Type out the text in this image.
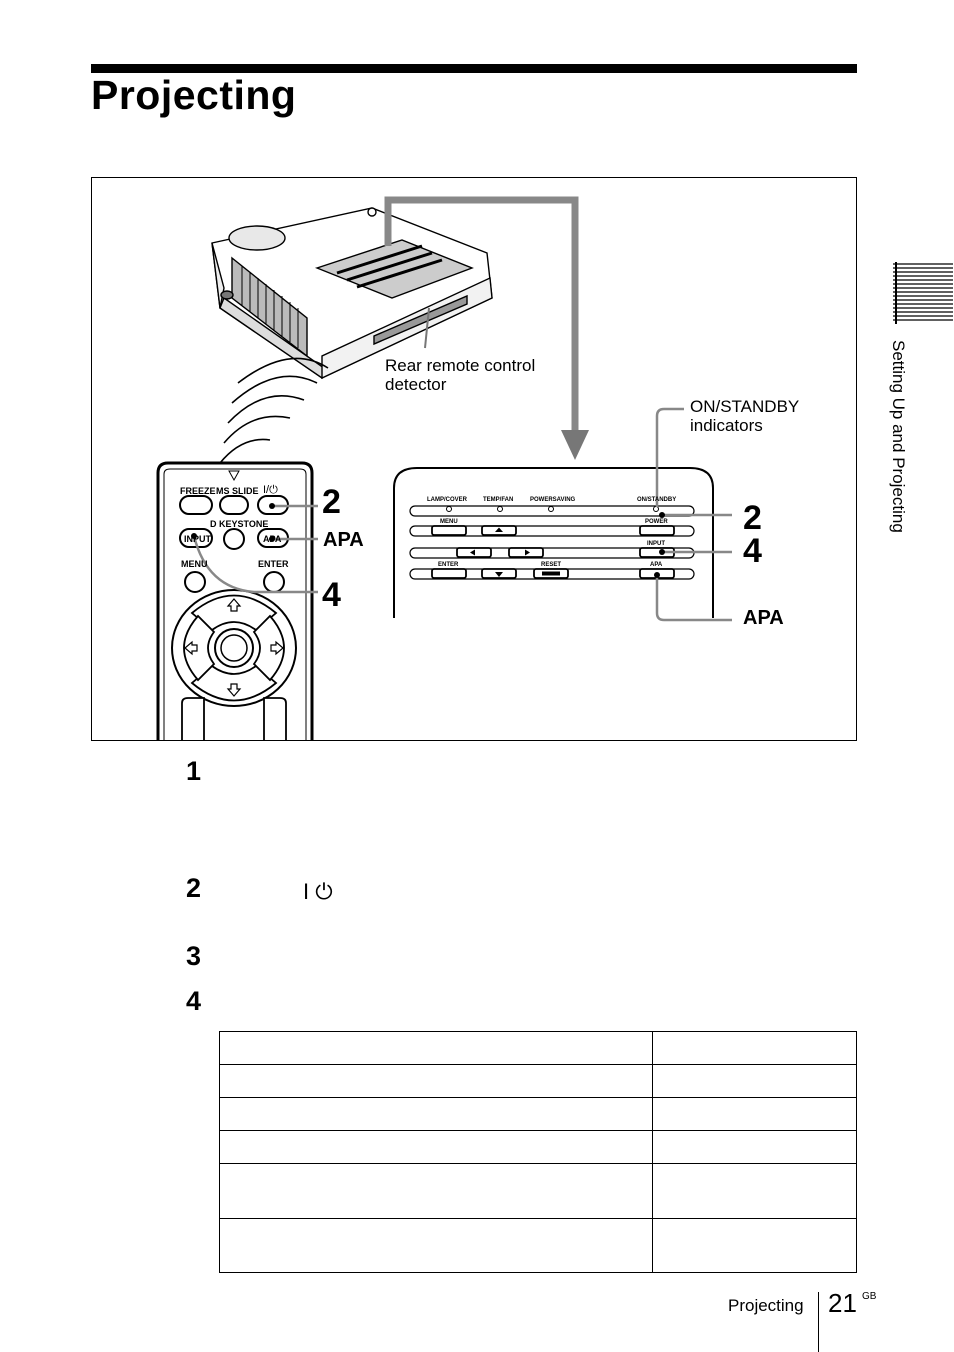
Projecting
Setting Up and Projecting
FREEZE MS SLIDE I/⏻
D KEYSTONE
INPUT	APA
MENU	ENTER
LAMP/COVER	TEMP/FAN	POWERSAVING	ON/STANDBY
MENU	POWER
INPUT
ENTER	RESET	APA
Rear remote control
detector
ON/STANDBY
indicators
2
APA
4
2
4
APA
1
2	I ⏻
3
4

Projecting 21 GB
